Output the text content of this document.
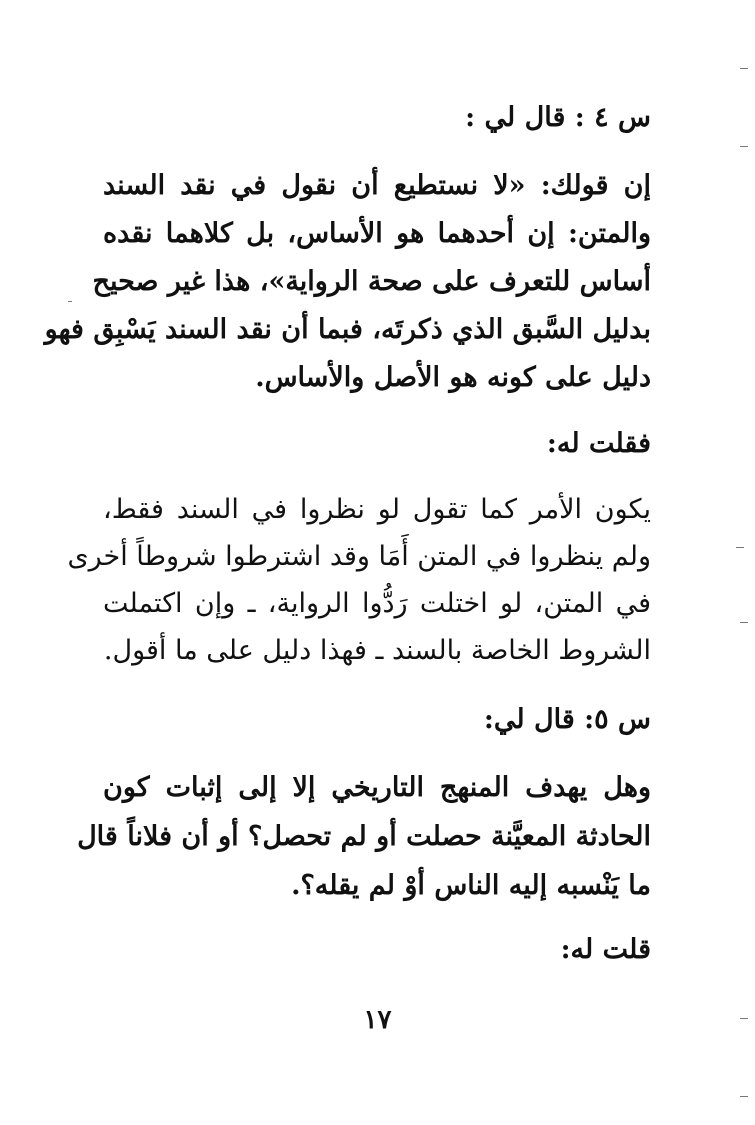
س ٤ : قال لي :
إن قولك: «لا نستطيع أن نقول في نقد السند
والمتن: إن أحدهما هو الأساس، بل كلاهما نقده
أساس للتعرف على صحة الرواية»، هذا غير صحيح
بدليل السَّبق الذي ذكرتَه، فبما أن نقد السند يَسْبِق فهو
دليل على كونه هو الأصل والأساس.
فقلت له:
يكون الأمر كما تقول لو نظروا في السند فقط،
ولم ينظروا في المتن أَمَا وقد اشترطوا شروطاً أخرى
في المتن، لو اختلت رَدُّوا الرواية، ـ وإن اكتملت
الشروط الخاصة بالسند ـ فهذا دليل على ما أقول.
س ٥: قال لي:
وهل يهدف المنهج التاريخي إلا إلى إثبات كون
الحادثة المعيَّنة حصلت أو لم تحصل؟ أو أن فلاناً قال
ما يَنْسبه إليه الناس أوْ لم يقله؟.
قلت له:
١٧
